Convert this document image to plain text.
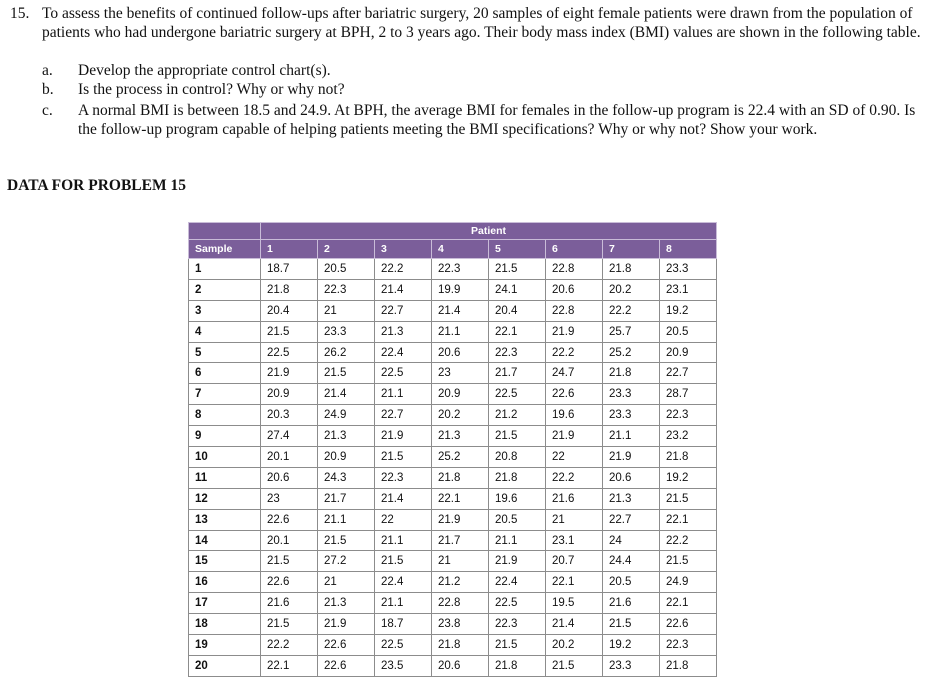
15. To assess the benefits of continued follow-ups after bariatric surgery, 20 samples of eight female patients were drawn from the population of patients who had undergone bariatric surgery at BPH, 2 to 3 years ago. Their body mass index (BMI) values are shown in the following table.
a. Develop the appropriate control chart(s).
b. Is the process in control? Why or why not?
c. A normal BMI is between 18.5 and 24.9. At BPH, the average BMI for females in the follow-up program is 22.4 with an SD of 0.90. Is the follow-up program capable of helping patients meeting the BMI specifications? Why or why not? Show your work.
DATA FOR PROBLEM 15
	Patient							
Sample	1	2	3	4	5	6	7	8
1	18.7	20.5	22.2	22.3	21.5	22.8	21.8	23.3
2	21.8	22.3	21.4	19.9	24.1	20.6	20.2	23.1
3	20.4	21	22.7	21.4	20.4	22.8	22.2	19.2
4	21.5	23.3	21.3	21.1	22.1	21.9	25.7	20.5
5	22.5	26.2	22.4	20.6	22.3	22.2	25.2	20.9
6	21.9	21.5	22.5	23	21.7	24.7	21.8	22.7
7	20.9	21.4	21.1	20.9	22.5	22.6	23.3	28.7
8	20.3	24.9	22.7	20.2	21.2	19.6	23.3	22.3
9	27.4	21.3	21.9	21.3	21.5	21.9	21.1	23.2
10	20.1	20.9	21.5	25.2	20.8	22	21.9	21.8
11	20.6	24.3	22.3	21.8	21.8	22.2	20.6	19.2
12	23	21.7	21.4	22.1	19.6	21.6	21.3	21.5
13	22.6	21.1	22	21.9	20.5	21	22.7	22.1
14	20.1	21.5	21.1	21.7	21.1	23.1	24	22.2
15	21.5	27.2	21.5	21	21.9	20.7	24.4	21.5
16	22.6	21	22.4	21.2	22.4	22.1	20.5	24.9
17	21.6	21.3	21.1	22.8	22.5	19.5	21.6	22.1
18	21.5	21.9	18.7	23.8	22.3	21.4	21.5	22.6
19	22.2	22.6	22.5	21.8	21.5	20.2	19.2	22.3
20	22.1	22.6	23.5	20.6	21.8	21.5	23.3	21.8
